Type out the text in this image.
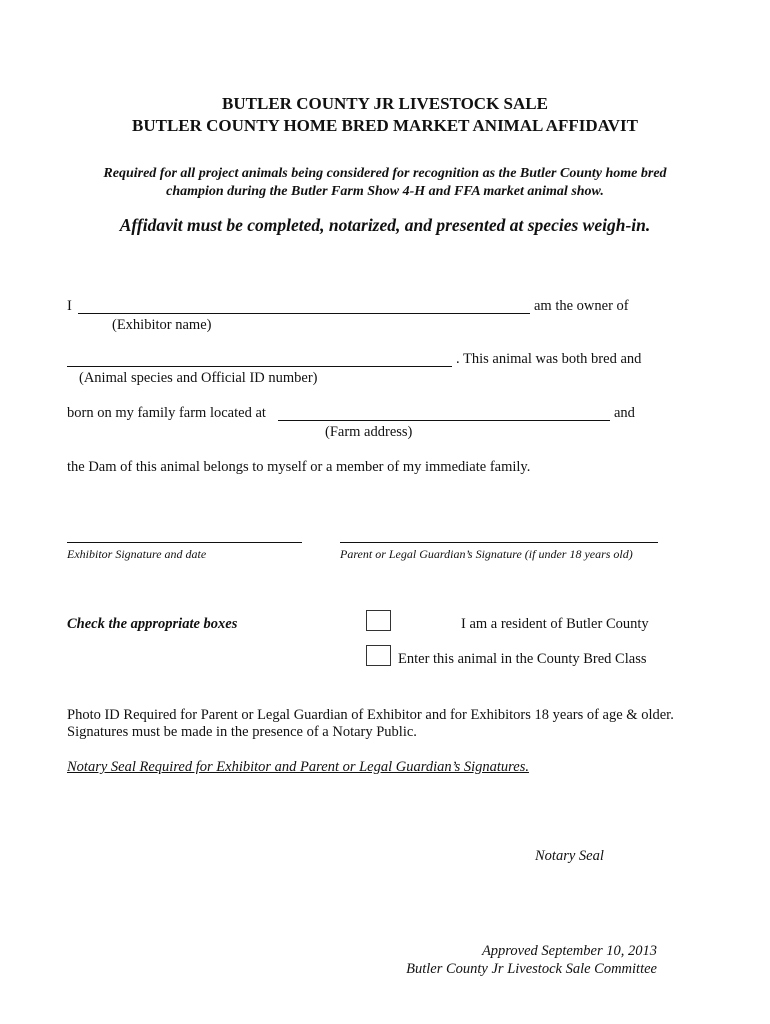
BUTLER COUNTY JR LIVESTOCK SALE
BUTLER COUNTY HOME BRED MARKET ANIMAL AFFIDAVIT
Required for all project animals being considered for recognition as the Butler County home bred
champion during the Butler Farm Show 4-H and FFA market animal show.
Affidavit must be completed, notarized, and presented at species weigh-in.
I	am the owner of
(Exhibitor name)
. This animal was both bred and
(Animal species and Official ID number)
born on my family farm located at	and
(Farm address)
the Dam of this animal belongs to myself or a member of my immediate family.
Exhibitor Signature and date	Parent or Legal Guardian’s Signature (if under 18 years old)
Check the appropriate boxes	I am a resident of Butler County
Enter this animal in the County Bred Class
Photo ID Required for Parent or Legal Guardian of Exhibitor and for Exhibitors 18 years of age & older.
Signatures must be made in the presence of a Notary Public.
Notary Seal Required for Exhibitor and Parent or Legal Guardian’s Signatures.
Notary Seal
Approved September 10, 2013
Butler County Jr Livestock Sale Committee
